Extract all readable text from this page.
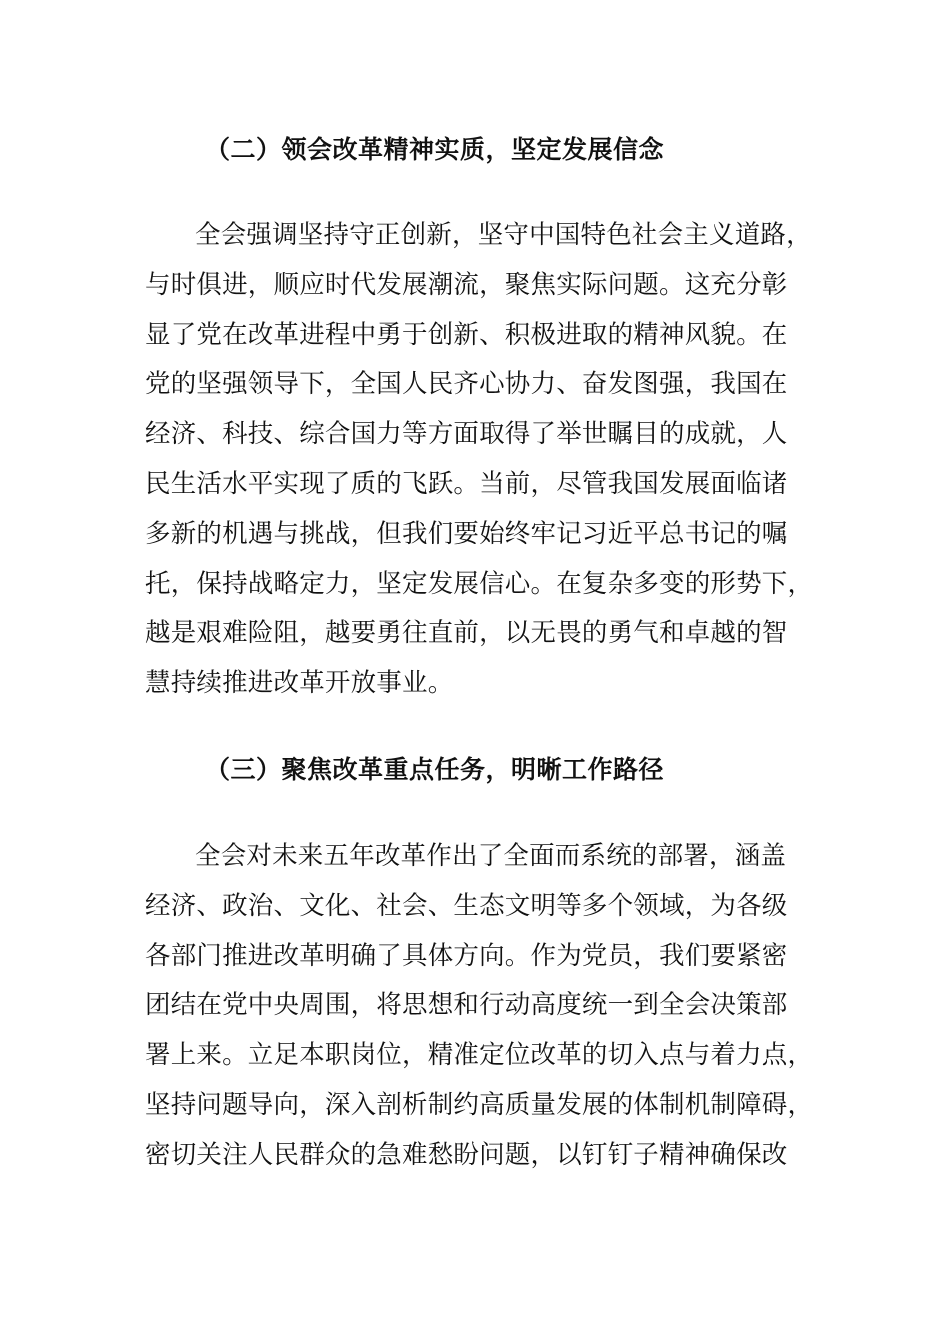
（二）领会改革精神实质，坚定发展信念
全会强调坚持守正创新，坚守中国特色社会主义道路，
与时俱进，顺应时代发展潮流，聚焦实际问题。这充分彰
显了党在改革进程中勇于创新、积极进取的精神风貌。在
党的坚强领导下，全国人民齐心协力、奋发图强，我国在
经济、科技、综合国力等方面取得了举世瞩目的成就，人
民生活水平实现了质的飞跃。当前，尽管我国发展面临诸
多新的机遇与挑战，但我们要始终牢记习近平总书记的嘱
托，保持战略定力，坚定发展信心。在复杂多变的形势下，
越是艰难险阻，越要勇往直前，以无畏的勇气和卓越的智
慧持续推进改革开放事业。
（三）聚焦改革重点任务，明晰工作路径
全会对未来五年改革作出了全面而系统的部署，涵盖
经济、政治、文化、社会、生态文明等多个领域，为各级
各部门推进改革明确了具体方向。作为党员，我们要紧密
团结在党中央周围，将思想和行动高度统一到全会决策部
署上来。立足本职岗位，精准定位改革的切入点与着力点，
坚持问题导向，深入剖析制约高质量发展的体制机制障碍，
密切关注人民群众的急难愁盼问题，以钉钉子精神确保改
